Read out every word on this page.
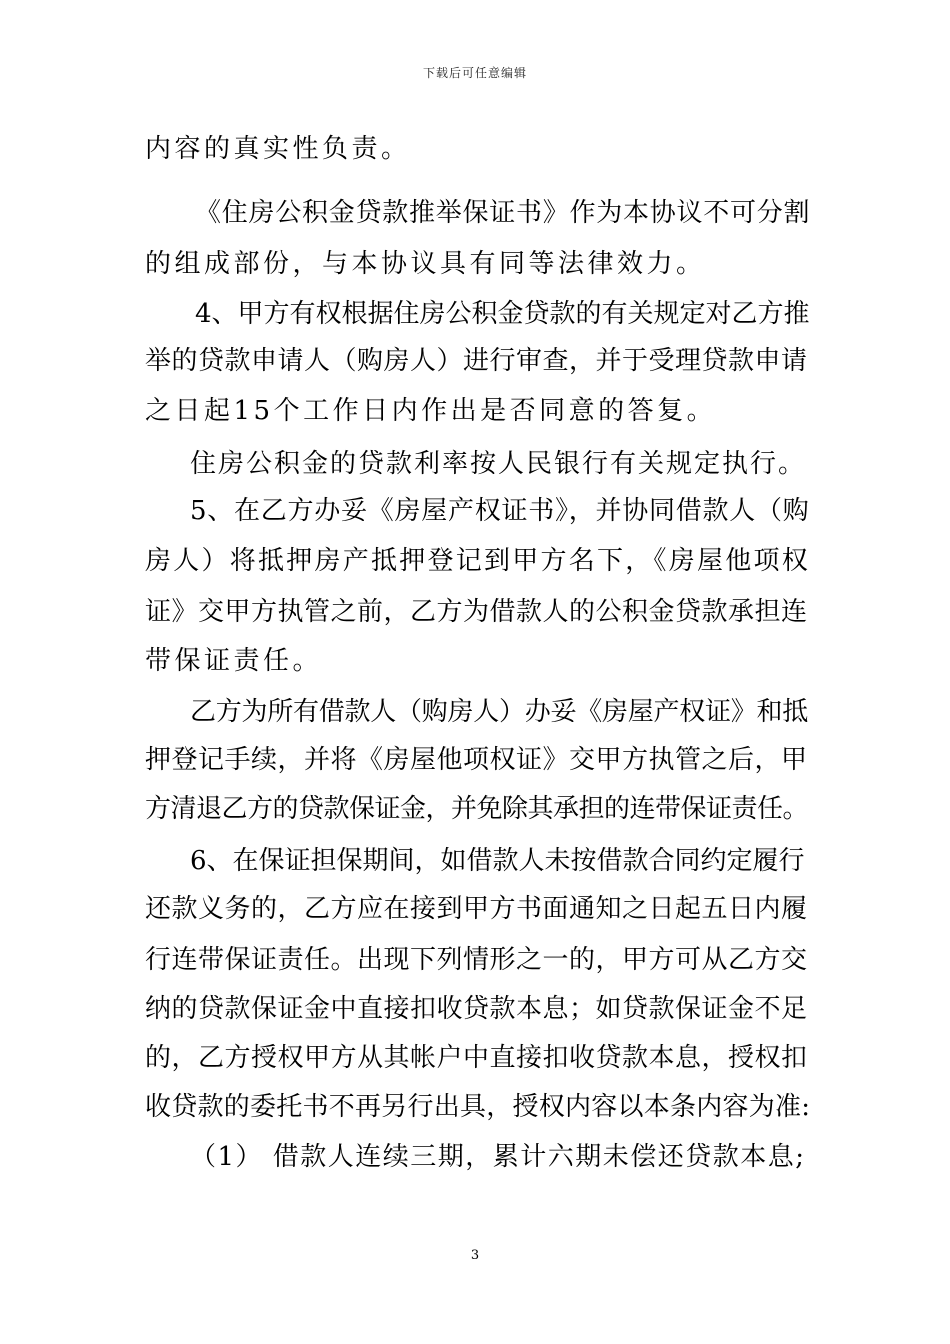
下载后可任意编辑
内容的真实性负责。
《住房公积金贷款推举保证书》作为本协议不可分割
的组成部份，与本协议具有同等法律效力。
4、甲方有权根据住房公积金贷款的有关规定对乙方推
举的贷款申请人（购房人）进行审查，并于受理贷款申请
之日起15个工作日内作出是否同意的答复。
住房公积金的贷款利率按人民银行有关规定执行。
5、在乙方办妥《房屋产权证书》，并协同借款人（购
房人）将抵押房产抵押登记到甲方名下，《房屋他项权
证》交甲方执管之前，乙方为借款人的公积金贷款承担连
带保证责任。
乙方为所有借款人（购房人）办妥《房屋产权证》和抵
押登记手续，并将《房屋他项权证》交甲方执管之后，甲
方清退乙方的贷款保证金，并免除其承担的连带保证责任。
6、在保证担保期间，如借款人未按借款合同约定履行
还款义务的，乙方应在接到甲方书面通知之日起五日内履
行连带保证责任。出现下列情形之一的，甲方可从乙方交
纳的贷款保证金中直接扣收贷款本息；如贷款保证金不足
的，乙方授权甲方从其帐户中直接扣收贷款本息，授权扣
收贷款的委托书不再另行出具，授权内容以本条内容为准:
（1） 借款人连续三期，累计六期未偿还贷款本息;
3
